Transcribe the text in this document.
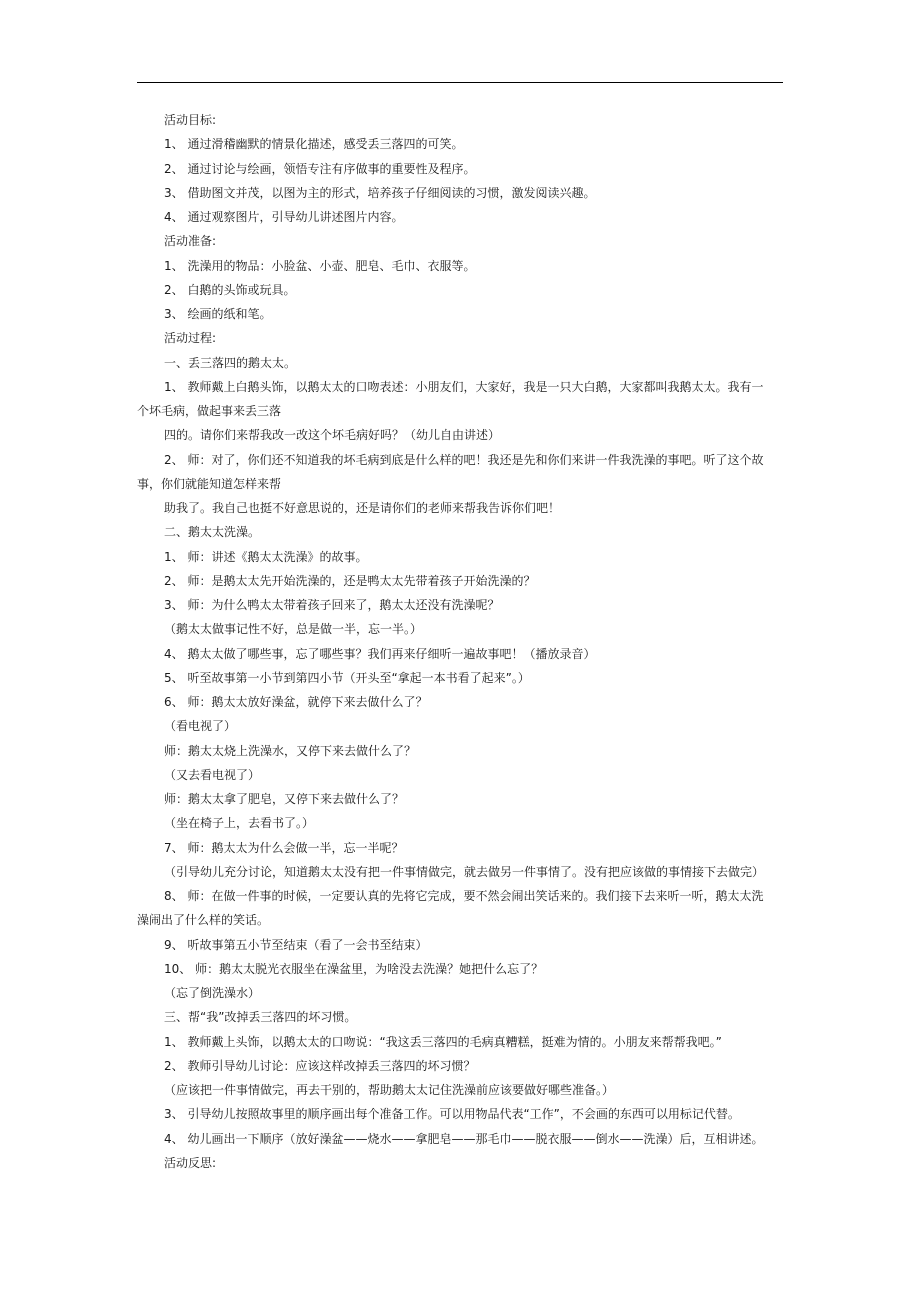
活动目标:
1、 通过滑稽幽默的情景化描述，感受丢三落四的可笑。
2、 通过讨论与绘画，领悟专注有序做事的重要性及程序。
3、 借助图文并茂，以图为主的形式，培养孩子仔细阅读的习惯，激发阅读兴趣。
4、 通过观察图片，引导幼儿讲述图片内容。
活动准备:
1、 洗澡用的物品：小脸盆、小壶、肥皂、毛巾、衣服等。
2、 白鹅的头饰或玩具。
3、 绘画的纸和笔。
活动过程:
一、丢三落四的鹅太太。
1、 教师戴上白鹅头饰，以鹅太太的口吻表述：小朋友们，大家好，我是一只大白鹅，大家都叫我鹅太太。我有一
个坏毛病，做起事来丢三落
四的。请你们来帮我改一改这个坏毛病好吗？（幼儿自由讲述）
2、 师：对了，你们还不知道我的坏毛病到底是什么样的吧！我还是先和你们来讲一件我洗澡的事吧。听了这个故
事，你们就能知道怎样来帮
助我了。我自己也挺不好意思说的，还是请你们的老师来帮我告诉你们吧！
二、鹅太太洗澡。
1、 师：讲述《鹅太太洗澡》的故事。
2、 师：是鹅太太先开始洗澡的，还是鸭太太先带着孩子开始洗澡的？
3、 师：为什么鸭太太带着孩子回来了，鹅太太还没有洗澡呢？
（鹅太太做事记性不好，总是做一半，忘一半。）
4、 鹅太太做了哪些事，忘了哪些事？我们再来仔细听一遍故事吧！（播放录音）
5、 听至故事第一小节到第四小节（开头至“拿起一本书看了起来”。）
6、 师：鹅太太放好澡盆，就停下来去做什么了？
（看电视了）
师：鹅太太烧上洗澡水，又停下来去做什么了？
（又去看电视了）
师：鹅太太拿了肥皂，又停下来去做什么了？
（坐在椅子上，去看书了。）
7、 师：鹅太太为什么会做一半，忘一半呢？
（引导幼儿充分讨论，知道鹅太太没有把一件事情做完，就去做另一件事情了。没有把应该做的事情接下去做完）
8、 师：在做一件事的时候，一定要认真的先将它完成，要不然会闹出笑话来的。我们接下去来听一听，鹅太太洗
澡闹出了什么样的笑话。
9、 听故事第五小节至结束（看了一会书至结束）
10、 师：鹅太太脱光衣服坐在澡盆里，为啥没去洗澡？她把什么忘了？
（忘了倒洗澡水）
三、帮“我”改掉丢三落四的坏习惯。
1、 教师戴上头饰，以鹅太太的口吻说：“我这丢三落四的毛病真糟糕，挺难为情的。小朋友来帮帮我吧。”
2、 教师引导幼儿讨论：应该这样改掉丢三落四的坏习惯？
（应该把一件事情做完，再去干别的，帮助鹅太太记住洗澡前应该要做好哪些准备。）
3、 引导幼儿按照故事里的顺序画出每个准备工作。可以用物品代表“工作”，不会画的东西可以用标记代替。
4、 幼儿画出一下顺序（放好澡盆——烧水——拿肥皂——那毛巾——脱衣服——倒水——洗澡）后，互相讲述。
活动反思:
